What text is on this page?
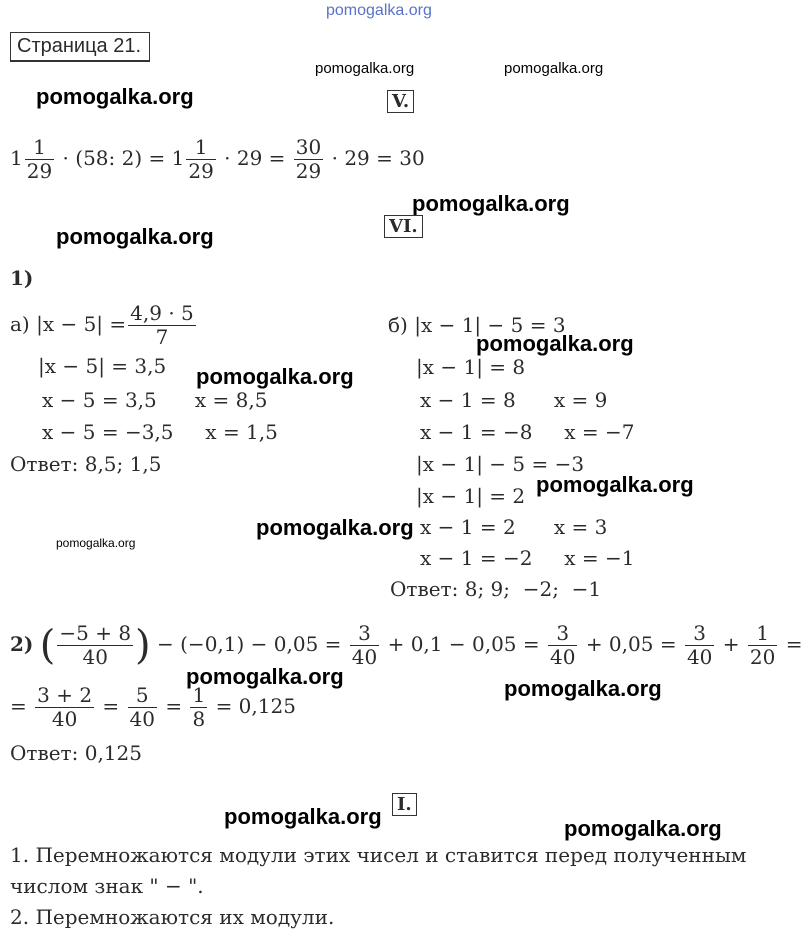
pomogalka.org
pomogalka.org	pomogalka.org
pomogalka.org
pomogalka.org
pomogalka.org
pomogalka.org
pomogalka.org
pomogalka.org
pomogalka.org
pomogalka.org
pomogalka.org	pomogalka.org
pomogalka.org	pomogalka.org
Страница 21.
V.
$1 \frac{1}{29} \cdot (58$: $2) = 1 \frac{1}{29} \cdot 29 = \frac{30}{29} \cdot 29 = 30$
VI.
1)
а) $|x - 5| = \frac{4,9 \cdot 5}{7}$
|x − 5| = 3,5
x − 5 = 3,5      x = 8,5
x − 5 = −3,5     x = 1,5
Ответ: 8,5; 1,5
б) |x − 1| − 5 = 3
|x − 1| = 8
x − 1 = 8      x = 9
x − 1 = −8     x = −7
|x − 1| − 5 = −3
|x − 1| = 2
x − 1 = 2      x = 3
x − 1 = −2     x = −1
Ответ: 8; 9;  −2;  −1
2) ( $\frac{-5 + 8}{40}$ ) − $(-0,1) - 0,05 = \frac{3}{40} + 0,1 - 0,05 = \frac{3}{40} + 0,05 = \frac{3}{40} + \frac{1}{20}$ =
= $\frac{3 + 2}{40} = \frac{5}{40} = \frac{1}{8} = 0,125$
Ответ: 0,125
I.
1. Перемножаются модули этих чисел и ставится перед полученным
числом знак " − ".
2. Перемножаются их модули.
